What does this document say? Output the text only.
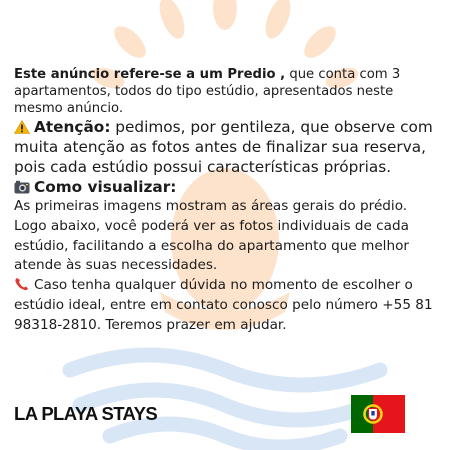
Este anúncio refere-se a um Predio , que conta com 3 apartamentos, todos do tipo estúdio, apresentados neste mesmo anúncio.

Atenção: pedimos, por gentileza, que observe com muita atenção as fotos antes de finalizar sua reserva, pois cada estúdio possui características próprias.

Como visualizar:

As primeiras imagens mostram as áreas gerais do prédio. Logo abaixo, você poderá ver as fotos individuais de cada estúdio, facilitando a escolha do apartamento que melhor atende às suas necessidades.

Caso tenha qualquer dúvida no momento de escolher o estúdio ideal, entre em contato conosco pelo número +55 81 98318-2810. Teremos prazer em ajudar.

LA PLAYA STAYS
